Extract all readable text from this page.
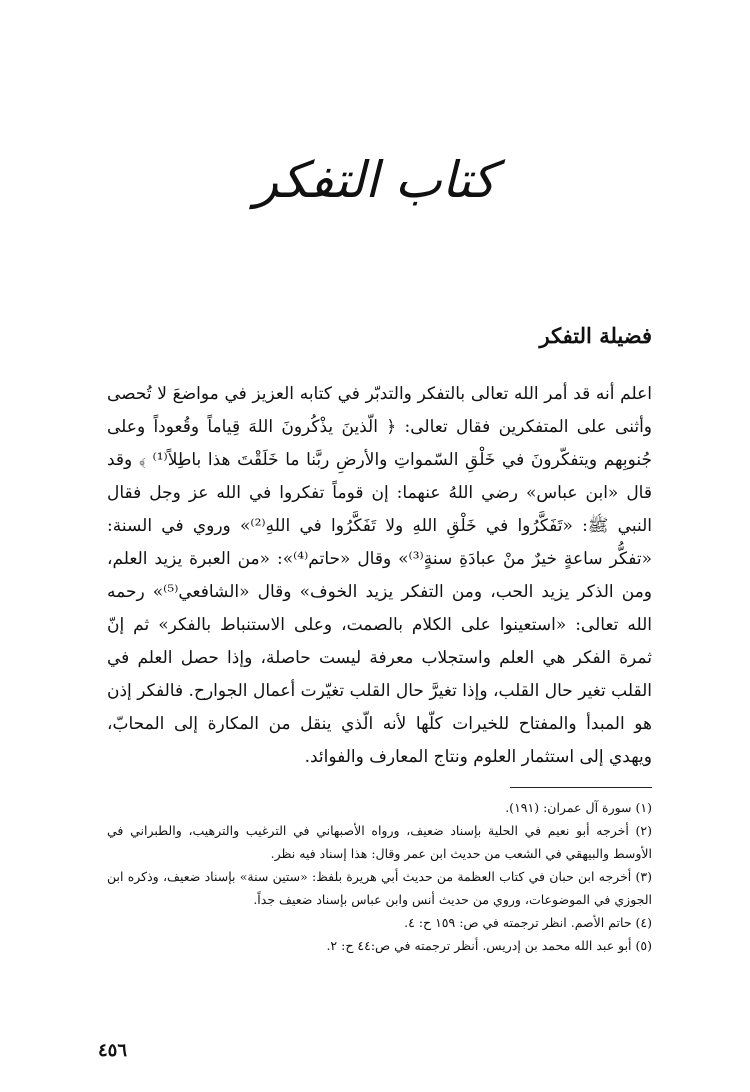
كتاب التفكر
فضيلة التفكر

اعلم أنه قد أمر الله تعالى بالتفكر والتدبّر في كتابه العزيز في مواضعَ لا تُحصى وأثنى على المتفكرين فقال تعالى: ﴿ الّذينَ يذْكُرونَ اللهَ قِياماً وقُعوداً وعلى جُنوبِهم ويتفكّرونَ في خَلْقِ السّمواتِ والأرضِ ربَّنا ما خَلَقْتَ هذا باطِلاً⁽¹⁾ ﴾ وقد قال «ابن عباس» رضي اللهُ عنهما: إن قوماً تفكروا في الله عز وجل فقال النبي ﷺ: «تَفَكَّرُوا في خَلْقِ اللهِ ولا تَفَكَّرُوا في اللهِ⁽²⁾» وروي في السنة: «تفكُّر ساعةٍ خيرٌ منْ عبادَةِ سنةٍ⁽³⁾» وقال «حاتم⁽⁴⁾»: «من العبرة يزيد العلم، ومن الذكر يزيد الحب، ومن التفكر يزيد الخوف» وقال «الشافعي⁽⁵⁾» رحمه الله تعالى: «استعينوا على الكلام بالصمت، وعلى الاستنباط بالفكر» ثم إنّ ثمرة الفكر هي العلم واستجلاب معرفة ليست حاصلة، وإذا حصل العلم في القلب تغير حال القلب، وإذا تغيرَّ حال القلب تغيّرت أعمال الجوارح. فالفكر إذن هو المبدأ والمفتاح للخيرات كلّها لأنه الّذي ينقل من المكارة إلى المحابّ، ويهدي إلى استثمار العلوم ونتاج المعارف والفوائد.

(١) سورة آل عمران: (١٩١).
(٢) أخرجه أبو نعيم في الحلية بإسناد ضعيف، ورواه الأصبهاني في الترغيب والترهيب، والطبراني في الأوسط والبيهقي في الشعب من حديث ابن عمر وقال: هذا إسناد فيه نظر.
(٣) أخرجه ابن حبان في كتاب العظمة من حديث أبي هريرة بلفظ: «ستين سنة» بإسناد ضعيف، وذكره ابن الجوزي في الموضوعات، وروي من حديث أنس وابن عباس بإسناد ضعيف جداً.
(٤) حاتم الأصم. انظر ترجمته في ص: ١٥٩ ح: ٤.
(٥) أبو عبد الله محمد بن إدريس. أنظر ترجمته في ص:٤٤ ح: ٢.
٤٥٦
